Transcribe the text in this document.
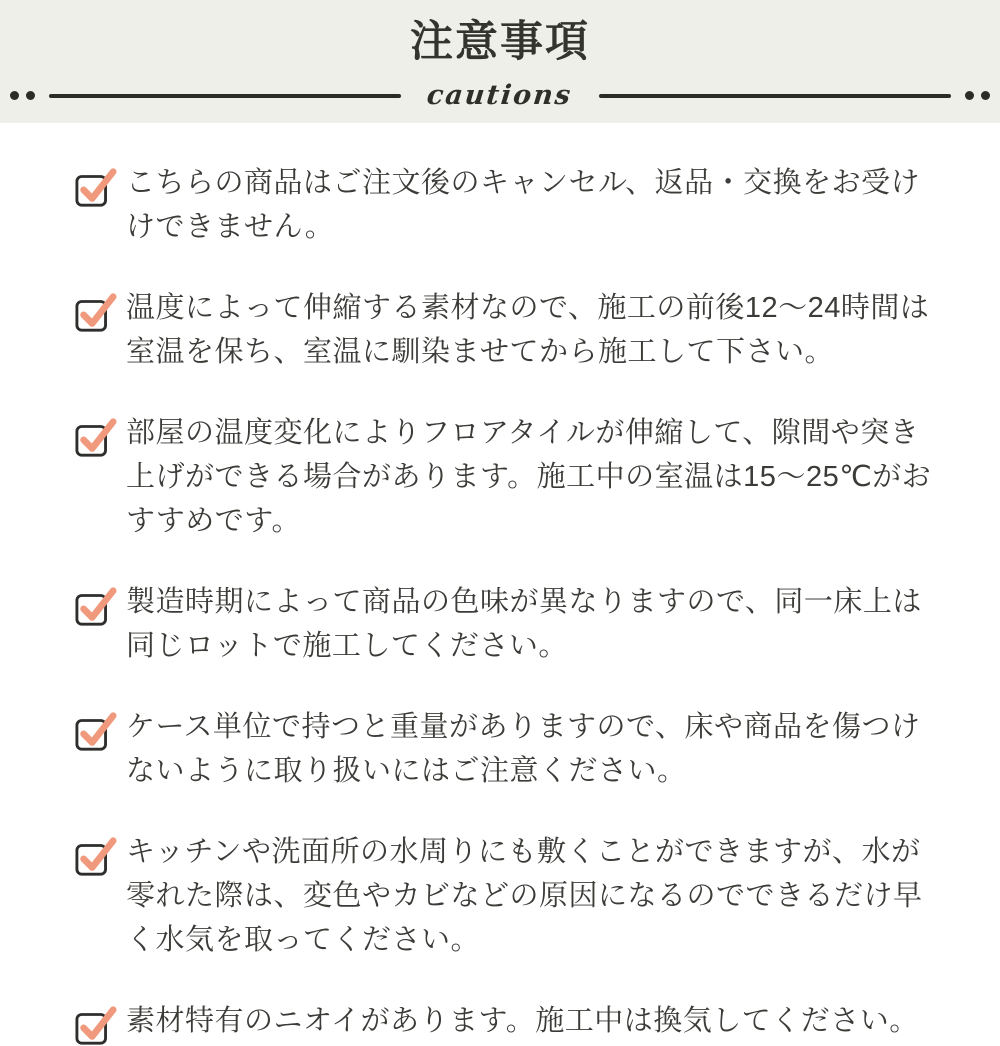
注意事項
cautions

こちらの商品はご注文後のキャンセル、返品・交換をお受けけできません。

温度によって伸縮する素材なので、施工の前後12〜24時間は室温を保ち、室温に馴染ませてから施工して下さい。

部屋の温度変化によりフロアタイルが伸縮して、隙間や突き上げができる場合があります。施工中の室温は15〜25℃がおすすめです。

製造時期によって商品の色味が異なりますので、同一床上は同じロットで施工してください。

ケース単位で持つと重量がありますので、床や商品を傷つけないように取り扱いにはご注意ください。

キッチンや洗面所の水周りにも敷くことができますが、水が零れた際は、変色やカビなどの原因になるのでできるだけ早く水気を取ってください。

素材特有のニオイがあります。施工中は換気してください。
